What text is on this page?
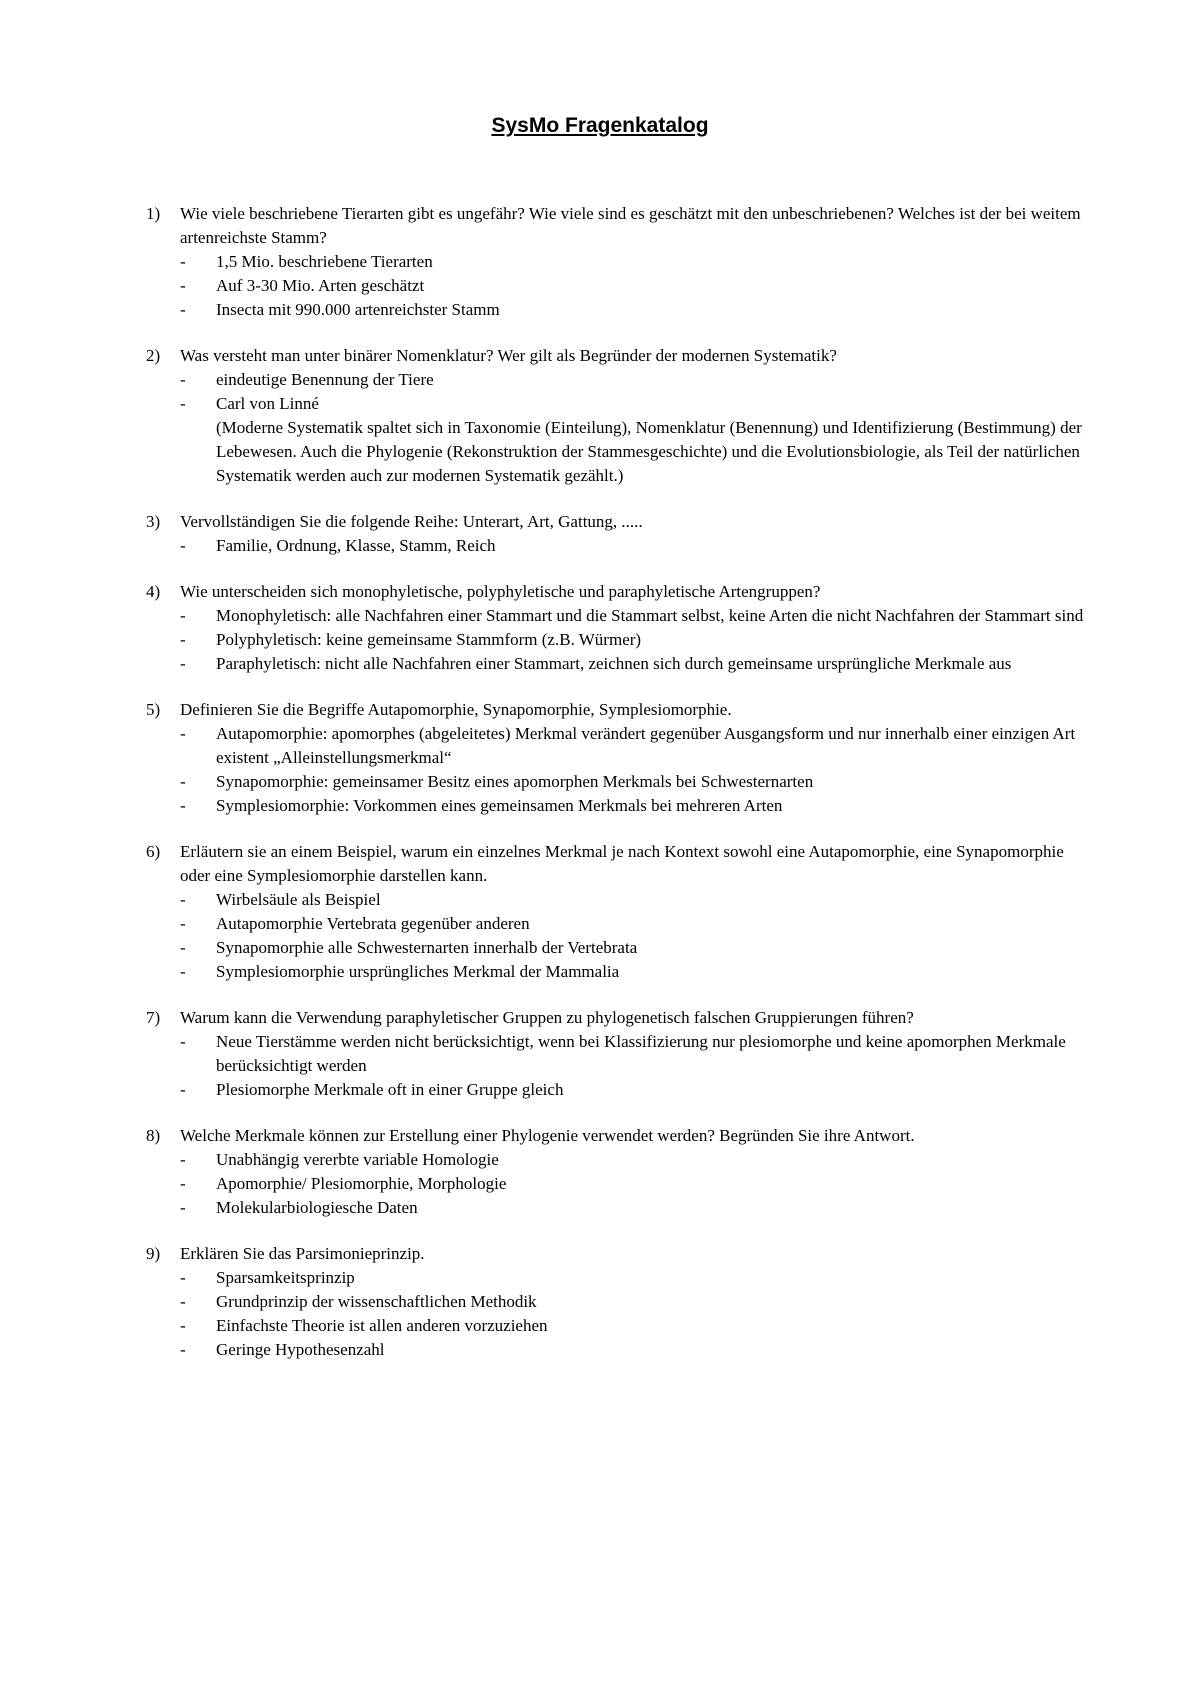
SysMo Fragenkatalog
1)	Wie viele beschriebene Tierarten gibt es ungefähr? Wie viele sind es geschätzt mit den unbeschriebenen? Welches ist der bei weitem artenreichste Stamm?
-	1,5 Mio. beschriebene Tierarten
-	Auf 3-30 Mio. Arten geschätzt
-	Insecta mit 990.000 artenreichster Stamm
2)	Was versteht man unter binärer Nomenklatur? Wer gilt als Begründer der modernen Systematik?
-	eindeutige Benennung der Tiere
-	Carl von Linné
(Moderne Systematik spaltet sich in Taxonomie (Einteilung), Nomenklatur (Benennung) und Identifizierung (Bestimmung) der Lebewesen. Auch die Phylogenie (Rekonstruktion der Stammesgeschichte) und die Evolutionsbiologie, als Teil der natürlichen Systematik werden auch zur modernen Systematik gezählt.)
3)	Vervollständigen Sie die folgende Reihe: Unterart, Art, Gattung, .....
-	Familie, Ordnung, Klasse, Stamm, Reich
4)	Wie unterscheiden sich monophyletische, polyphyletische und paraphyletische Artengruppen?
-	Monophyletisch: alle Nachfahren einer Stammart und die Stammart selbst, keine Arten die nicht Nachfahren der Stammart sind
-	Polyphyletisch: keine gemeinsame Stammform (z.B. Würmer)
-	Paraphyletisch: nicht alle Nachfahren einer Stammart, zeichnen sich durch gemeinsame ursprüngliche Merkmale aus
5)	Definieren Sie die Begriffe Autapomorphie, Synapomorphie, Symplesiomorphie.
-	Autapomorphie: apomorphes (abgeleitetes) Merkmal verändert gegenüber Ausgangsform und nur innerhalb einer einzigen Art existent „Alleinstellungsmerkmal“
-	Synapomorphie: gemeinsamer Besitz eines apomorphen Merkmals bei Schwesternarten
-	Symplesiomorphie: Vorkommen eines gemeinsamen Merkmals bei mehreren Arten
6)	Erläutern sie an einem Beispiel, warum ein einzelnes Merkmal je nach Kontext sowohl eine Autapomorphie, eine Synapomorphie oder eine Symplesiomorphie darstellen kann.
-	Wirbelsäule als Beispiel
-	Autapomorphie Vertebrata gegenüber anderen
-	Synapomorphie alle Schwesternarten innerhalb der Vertebrata
-	Symplesiomorphie ursprüngliches Merkmal der Mammalia
7)	Warum kann die Verwendung paraphyletischer Gruppen zu phylogenetisch falschen Gruppierungen führen?
-	Neue Tierstämme werden nicht berücksichtigt, wenn bei Klassifizierung nur plesiomorphe und keine apomorphen Merkmale berücksichtigt werden
-	Plesiomorphe Merkmale oft in einer Gruppe gleich
8)	Welche Merkmale können zur Erstellung einer Phylogenie verwendet werden? Begründen Sie ihre Antwort.
-	Unabhängig vererbte variable Homologie
-	Apomorphie/ Plesiomorphie, Morphologie
-	Molekularbiologiesche Daten
9)	Erklären Sie das Parsimonieprinzip.
-	Sparsamkeitsprinzip
-	Grundprinzip der wissenschaftlichen Methodik
-	Einfachste Theorie ist allen anderen vorzuziehen
-	Geringe Hypothesenzahl
